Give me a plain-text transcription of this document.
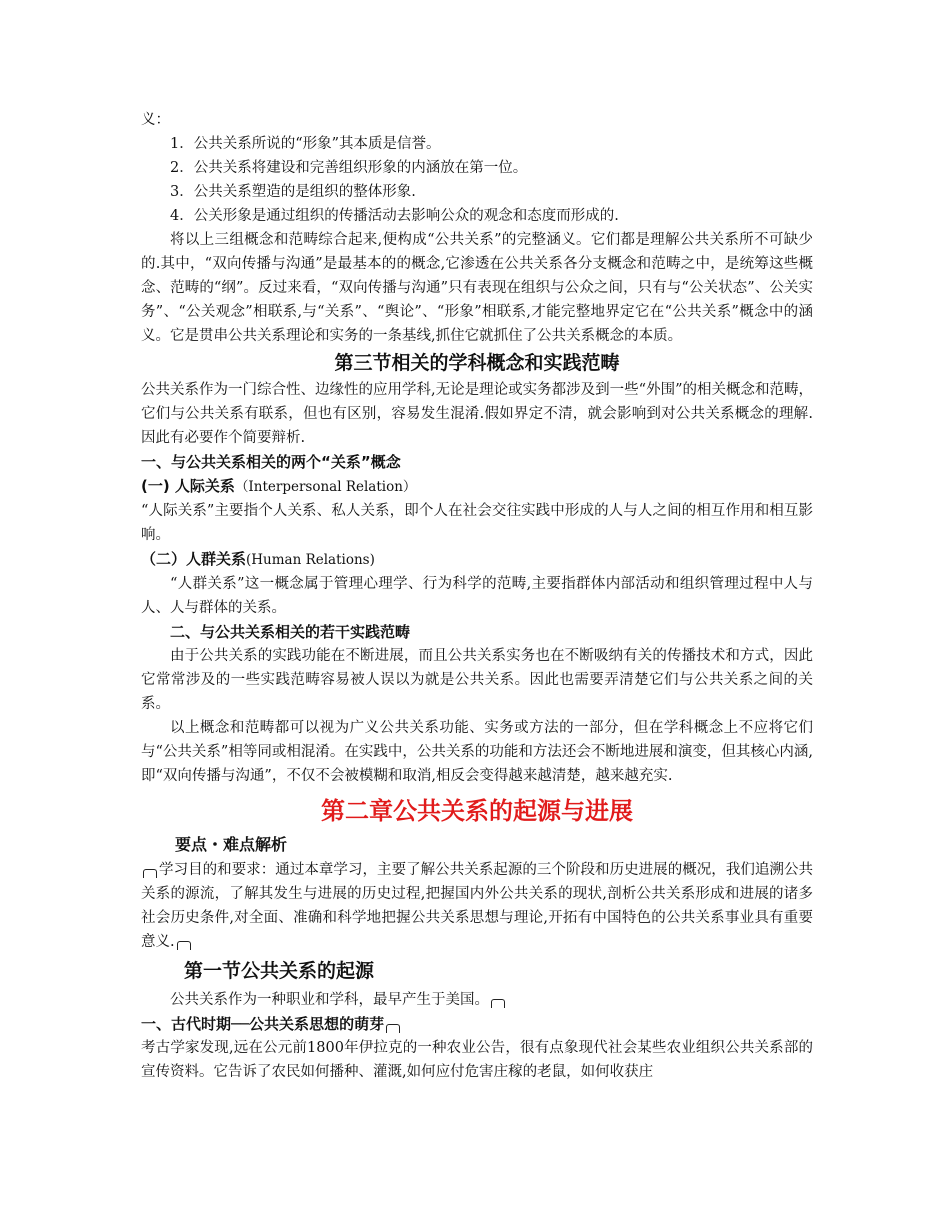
义：

1．公共关系所说的“形象”其本质是信誉。

2．公共关系将建设和完善组织形象的内涵放在第一位。

3．公共关系塑造的是组织的整体形象.

4．公关形象是通过组织的传播活动去影响公众的观念和态度而形成的.

将以上三组概念和范畴综合起来,便构成“公共关系”的完整涵义。它们都是理解公共关系所不可缺少的.其中，“双向传播与沟通”是最基本的的概念,它渗透在公共关系各分支概念和范畴之中，是统筹这些概念、范畴的“纲”。反过来看，“双向传播与沟通”只有表现在组织与公众之间，只有与“公关状态”、公关实务”、“公关观念”相联系,与“关系”、“舆论”、“形象”相联系,才能完整地界定它在“公共关系”概念中的涵义。它是贯串公共关系理论和实务的一条基线,抓住它就抓住了公共关系概念的本质。

第三节相关的学科概念和实践范畴

公共关系作为一门综合性、边缘性的应用学科,无论是理论或实务都涉及到一些“外围”的相关概念和范畴，它们与公共关系有联系，但也有区别，容易发生混淆.假如界定不清，就会影响到对公共关系概念的理解.因此有必要作个简要辩析.

一、与公共关系相关的两个“关系”概念
(一) 人际关系（Interpersonal Relation）

“人际关系”主要指个人关系、私人关系，即个人在社会交往实践中形成的人与人之间的相互作用和相互影响。

（二）人群关系(Human Relations)

“人群关系”这一概念属于管理心理学、行为科学的范畴,主要指群体内部活动和组织管理过程中人与人、人与群体的关系。

二、与公共关系相关的若干实践范畴

由于公共关系的实践功能在不断进展，而且公共关系实务也在不断吸纳有关的传播技术和方式，因此它常常涉及的一些实践范畴容易被人误以为就是公共关系。因此也需要弄清楚它们与公共关系之间的关系。

以上概念和范畴都可以视为广义公共关系功能、实务或方法的一部分，但在学科概念上不应将它们与“公共关系”相等同或相混淆。在实践中，公共关系的功能和方法还会不断地进展和演变，但其核心内涵,即“双向传播与沟通”，不仅不会被模糊和取消,相反会变得越来越清楚，越来越充实.

第二章公共关系的起源与进展
要点・难点解析

学习目的和要求：通过本章学习，主要了解公共关系起源的三个阶段和历史进展的概况，我们追溯公共关系的源流，了解其发生与进展的历史过程,把握国内外公共关系的现状,剖析公共关系形成和进展的诸多社会历史条件,对全面、准确和科学地把握公共关系思想与理论,开拓有中国特色的公共关系事业具有重要意义.

第一节公共关系的起源

公共关系作为一种职业和学科，最早产生于美国。

一、古代时期──公共关系思想的萌芽

考古学家发现,远在公元前1800年伊拉克的一种农业公告，很有点象现代社会某些农业组织公共关系部的宣传资料。它告诉了农民如何播种、灌溉,如何应付危害庄稼的老鼠，如何收获庄
